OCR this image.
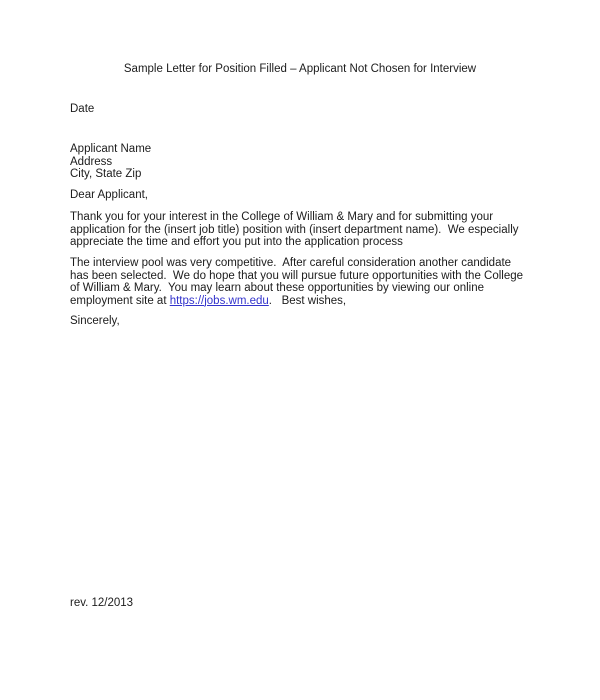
Sample Letter for Position Filled – Applicant Not Chosen for Interview
Date
Applicant Name
Address
City, State Zip
Dear Applicant,
Thank you for your interest in the College of William & Mary and for submitting your application for the (insert job title) position with (insert department name).  We especially appreciate the time and effort you put into the application process
The interview pool was very competitive.  After careful consideration another candidate has been selected.  We do hope that you will pursue future opportunities with the College of William & Mary.  You may learn about these opportunities by viewing our online employment site at https://jobs.wm.edu.   Best wishes,
Sincerely,
rev. 12/2013
